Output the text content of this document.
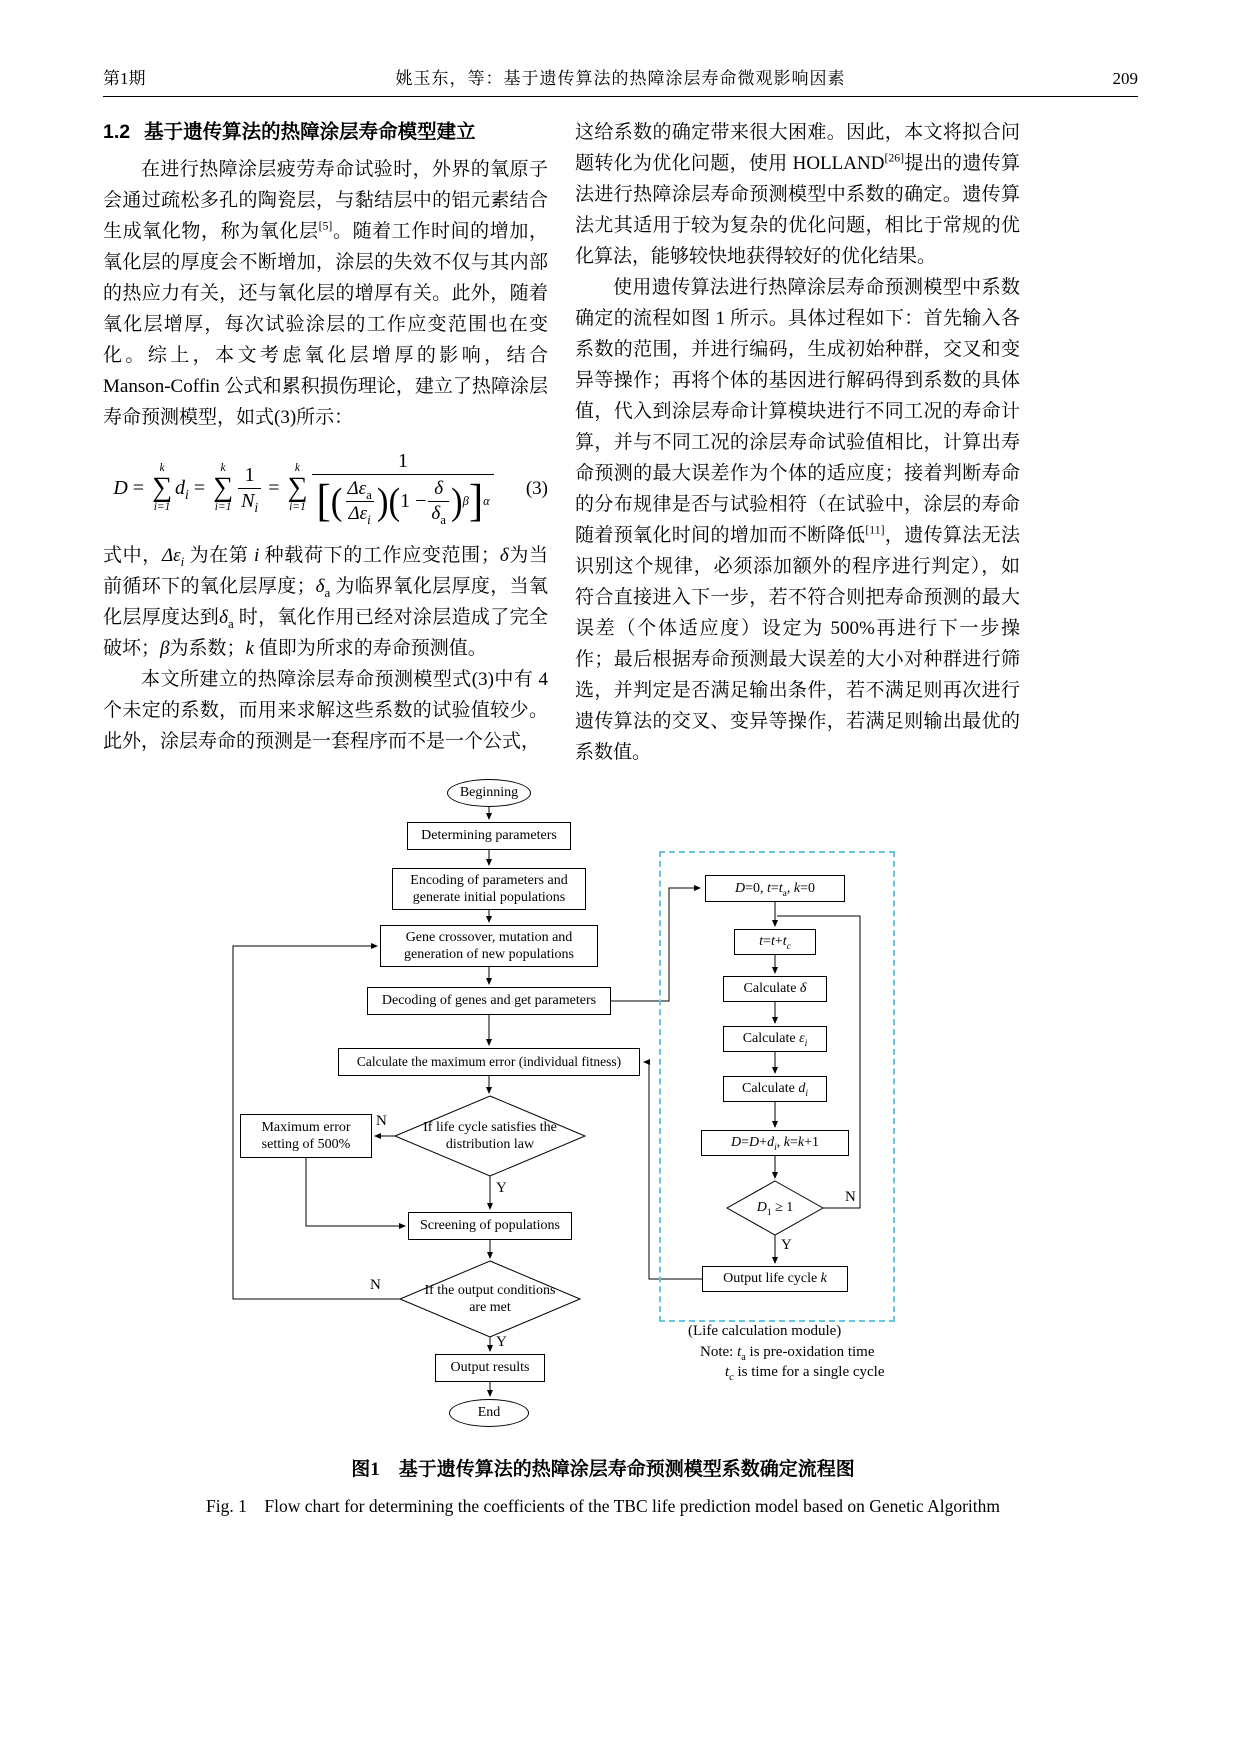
第1期	姚玉东，等：基于遗传算法的热障涂层寿命微观影响因素	209
1.2 基于遗传算法的热障涂层寿命模型建立

在进行热障涂层疲劳寿命试验时，外界的氧原子会通过疏松多孔的陶瓷层，与黏结层中的铝元素结合生成氧化物，称为氧化层[5]。随着工作时间的增加，氧化层的厚度会不断增加，涂层的失效不仅与其内部的热应力有关，还与氧化层的增厚有关。此外，随着氧化层增厚，每次试验涂层的工作应变范围也在变化。综上，本文考虑氧化层增厚的影响，结合 Manson-Coffin 公式和累积损伤理论，建立了热障涂层寿命预测模型，如式(3)所示：

D =
k
∑
i=1
$d_i$ =
k
∑
$i=1 \frac{1}{N_i}$ =
k
∑
i=1
1
[ ( $\frac{\Delta\varepsilon_a}{\Delta\varepsilon_i}$ ) ( $1 - \frac{\delta}{\delta_a}$ ) β ] α
(3)

式中，$\Delta\varepsilon_i$ 为在第 i 种载荷下的工作应变范围；δ为当前循环下的氧化层厚度；$\delta_a$ 为临界氧化层厚度，当氧化层厚度达到$\delta_a$ 时，氧化作用已经对涂层造成了完全破坏；β为系数；k 值即为所求的寿命预测值。

本文所建立的热障涂层寿命预测模型式(3)中有 4 个未定的系数，而用来求解这些系数的试验值较少。此外，涂层寿命的预测是一套程序而不是一个公式，

这给系数的确定带来很大困难。因此，本文将拟合问题转化为优化问题，使用 HOLLAND[26]提出的遗传算法进行热障涂层寿命预测模型中系数的确定。遗传算法尤其适用于较为复杂的优化问题，相比于常规的优化算法，能够较快地获得较好的优化结果。

使用遗传算法进行热障涂层寿命预测模型中系数确定的流程如图 1 所示。具体过程如下：首先输入各系数的范围，并进行编码，生成初始种群，交叉和变异等操作；再将个体的基因进行解码得到系数的具体值，代入到涂层寿命计算模块进行不同工况的寿命计算，并与不同工况的涂层寿命试验值相比，计算出寿命预测的最大误差作为个体的适应度；接着判断寿命的分布规律是否与试验相符（在试验中，涂层的寿命随着预氧化时间的增加而不断降低[11]，遗传算法无法识别这个规律，必须添加额外的程序进行判定），如符合直接进入下一步，若不符合则把寿命预测的最大误差（个体适应度）设定为 500%再进行下一步操作；最后根据寿命预测最大误差的大小对种群进行筛选，并判定是否满足输出条件，若不满足则再次进行遗传算法的交叉、变异等操作，若满足则输出最优的系数值。

Beginning
Determining parameters
Encoding of parameters and generate initial populations
Gene crossover, mutation and generation of new populations
Decoding of genes and get parameters
Calculate the maximum error (individual fitness)
Maximum error setting of 500%
Screening of populations
Output results
End
If life cycle satisfies the distribution law
If the output conditions are met
$D_1 \ge 1$
D=0, $t=t_a$, k=0
$t=t+t_c$
Calculate δ
Calculate $\varepsilon_i$
Calculate $d_i$
$D=D+d_i$, k=k+1
Output life cycle k
Y
N
Y
N
Y
N
(Life calculation module)
Note: $t_a$ is pre-oxidation time
$t_c$ is time for a single cycle
图1　基于遗传算法的热障涂层寿命预测模型系数确定流程图
Fig. 1　Flow chart for determining the coefficients of the TBC life prediction model based on Genetic Algorithm
